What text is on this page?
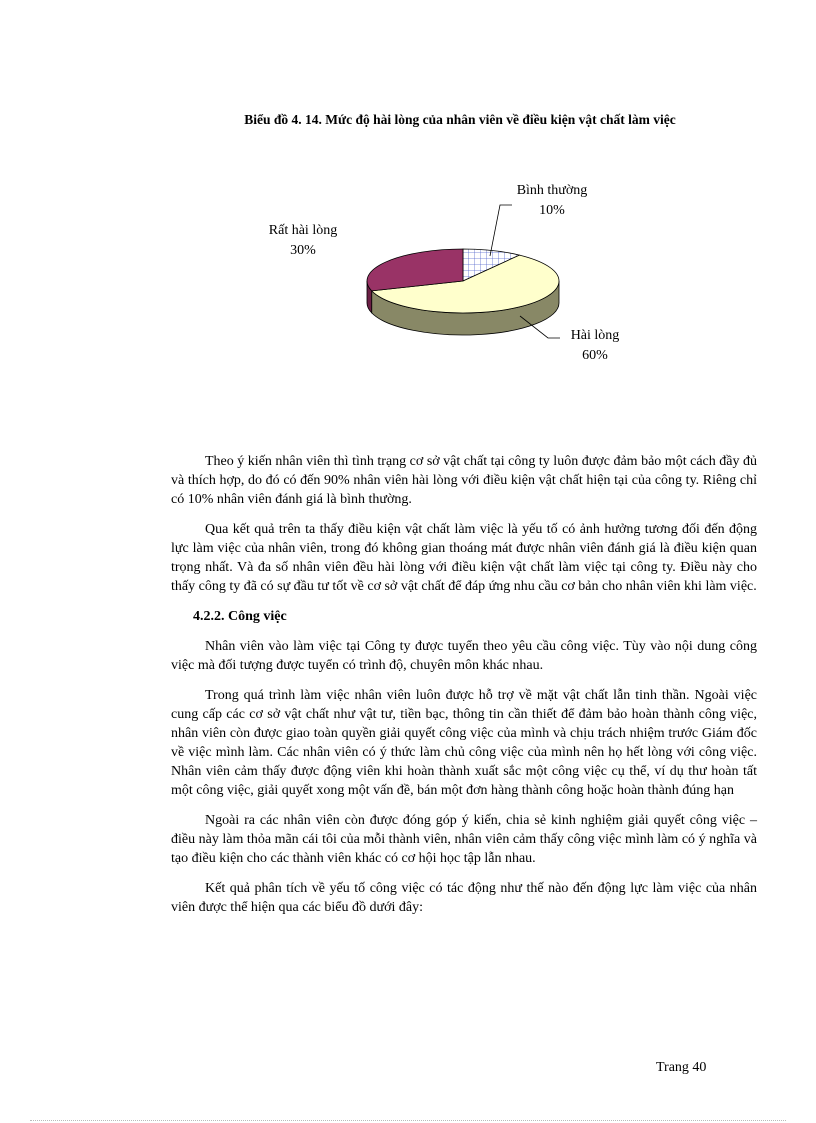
Biểu đồ 4. 14. Mức độ hài lòng của nhân viên về điều kiện vật chất làm việc
Bình thường
10%
Rất hài lòng
30%
Hài lòng
60%

Theo ý kiến nhân viên thì tình trạng cơ sở vật chất tại công ty luôn được đảm bảo một cách đầy đủ và thích hợp, do đó có đến 90% nhân viên hài lòng với điều kiện vật chất hiện tại của công ty. Riêng chỉ có 10% nhân viên đánh giá là bình thường.

Qua kết quả trên ta thấy điều kiện vật chất làm việc là yếu tố có ảnh hưởng tương đối đến động lực làm việc của nhân viên, trong đó không gian thoáng mát được nhân viên đánh giá là điều kiện quan trọng nhất. Và đa số nhân viên đều hài lòng với điều kiện vật chất làm việc tại công ty. Điều này cho thấy công ty đã có sự đầu tư tốt về cơ sở vật chất để đáp ứng nhu cầu cơ bản cho nhân viên khi làm việc.

4.2.2. Công việc

Nhân viên vào làm việc tại Công ty được tuyển theo yêu cầu công việc. Tùy vào nội dung công việc mà đối tượng được tuyển có trình độ, chuyên môn khác nhau.

Trong quá trình làm việc nhân viên luôn được hỗ trợ về mặt vật chất lẫn tinh thần. Ngoài việc cung cấp các cơ sở vật chất như vật tư, tiền bạc, thông tin cần thiết để đảm bảo hoàn thành công việc, nhân viên còn được giao toàn quyền giải quyết công việc của mình và chịu trách nhiệm trước Giám đốc về việc mình làm. Các nhân viên có ý thức làm chủ công việc của mình nên họ hết lòng với công việc. Nhân viên cảm thấy được động viên khi hoàn thành xuất sắc một công việc cụ thể, ví dụ thư hoàn tất một công việc, giải quyết xong một vấn đề, bán một đơn hàng thành công hoặc hoàn thành đúng hạn

Ngoài ra các nhân viên còn được đóng góp ý kiến, chia sẻ kinh nghiệm giải quyết công việc – điều này làm thỏa mãn cái tôi của mỗi thành viên, nhân viên cảm thấy công việc mình làm có ý nghĩa và tạo điều kiện cho các thành viên khác có cơ hội học tập lẫn nhau.

Kết quả phân tích về yếu tố công việc có tác động như thế nào đến động lực làm việc của nhân viên được thể hiện qua các biểu đồ dưới đây:

Trang 40
